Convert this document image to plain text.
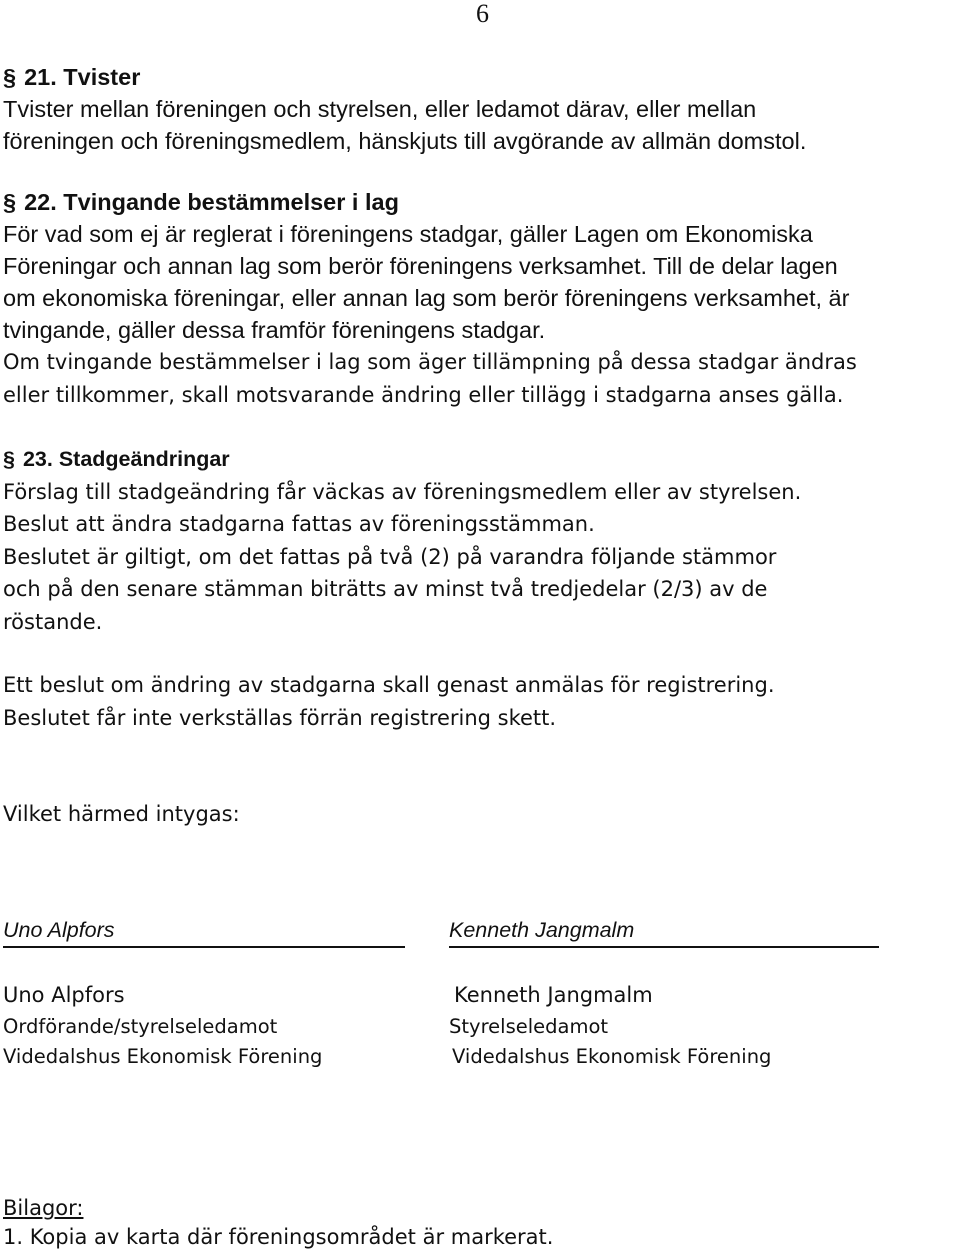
6
§ 21. Tvister
Tvister mellan föreningen och styrelsen, eller ledamot därav, eller mellan
föreningen och föreningsmedlem, hänskjuts till avgörande av allmän domstol.
§ 22. Tvingande bestämmelser i lag
För vad som ej är reglerat i föreningens stadgar, gäller Lagen om Ekonomiska
Föreningar och annan lag som berör föreningens verksamhet. Till de delar lagen
om ekonomiska föreningar, eller annan lag som berör föreningens verksamhet, är
tvingande, gäller dessa framför föreningens stadgar.
Om tvingande bestämmelser i lag som äger tillämpning på dessa stadgar ändras
eller tillkommer, skall motsvarande ändring eller tillägg i stadgarna anses gälla.
§ 23. Stadgeändringar
Förslag till stadgeändring får väckas av föreningsmedlem eller av styrelsen.
Beslut att ändra stadgarna fattas av föreningsstämman.
Beslutet är giltigt, om det fattas på två (2) på varandra följande stämmor
och på den senare stämman biträtts av minst två tredjedelar (2/3) av de
röstande.
Ett beslut om ändring av stadgarna skall genast anmälas för registrering.
Beslutet får inte verkställas förrän registrering skett.
Vilket härmed intygas:
Uno Alpfors
Uno Alpfors
Ordförande/styrelseledamot
Videdalshus Ekonomisk Förening
Kenneth Jangmalm
Kenneth Jangmalm
Styrelseledamot
Videdalshus Ekonomisk Förening
Bilagor:
1. Kopia av karta där föreningsområdet är markerat.
